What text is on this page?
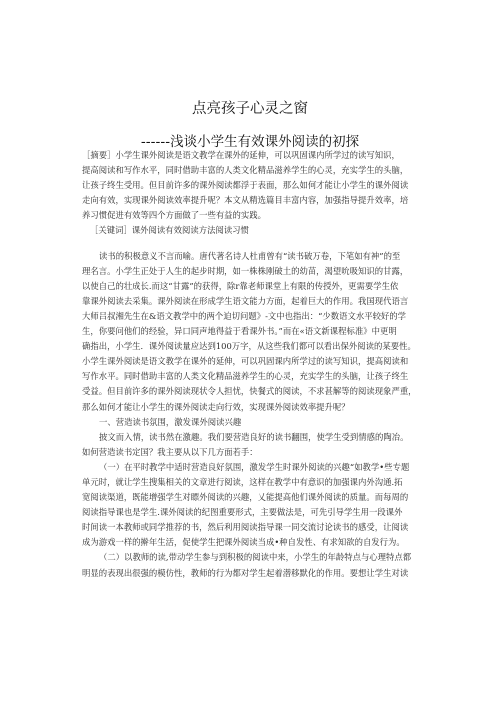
点亮孩子心灵之窗
------浅谈小学生有效课外阅读的初探
［摘要］小学生课外阅读是语文教学在课外的延伸，可以巩固课内所学过的读写知识，
提高阅读和写作水平，同时借助丰富的人类文化精品滋养学生的心灵，充实学生的头脑，
让孩子终生受用。但目前许多的课外阅读都浮于表面，那么如何才能让小学生的课外阅读
走向有效，实现课外阅读效率提升呢？本文从精选篇目丰富内容，加强指导提升效率，培
养习惯促进有效等四个方面做了一些有益的实践。
［关键词］课外阅读有效阅读方法阅读习惯
读书的积极意义不言而喻。唐代著名诗人杜甫曾有“读书破万卷，下笔如有神”的至
理名言。小学生正处于人生的起步时期，如一株株刚破土的幼苗，渴望吮吸知识的甘露，
以使自己的壮成长.而这“甘露”的获得，除r靠老师课堂上有限的传授外，更需要学生依
靠课外阅读去采集。课外阅读在形成学生语文能力方面，起着巨大的作用。我国现代语言
大师吕叔湘先生在&语文教学中的两个迫切问题》-文中也指出：“少数语文水平较好的学
生，你要问他们的经验，异口同声地得益于看课外书。”而在«语文新课程标准》中更明
确指出，小学生．课外阅读量应达到100万字，从这些我们都可以看出保外阅读的某要性。
小学生课外阅读是语文教学在课外的延伸，可以巩固课内所学过的读写知识，提高阅读和
写作水平。同时借助丰富的人类文化精品滋养学生的心灵，充实学生的头脑，让孩子终生
受益。但目前许多的课外阅读现状令人担忧，快餐式的阅读，不求甚解等的阅读现象严重，
那么如何才能让小学生的课外阅读走向行效，实现课外阅读效率提升呢？
一、营造读书氛围，激发课外阅读兴趣
披文而入情，读书然在激趣。我们要营造良好的读书翻围，使学生受到情感的陶冶。
如何营造读书定国？我主要从以下几方面若手：
（一）在平时教学中适时营造良好氛围，激发学生时课外阅读的兴趣“如教学•些专题
单元时，就让学生搜集相关的文章进行阅读，这样在教学中有意识的加强课内外沟通.拓
宽阅读渠道，既能增强学生对瞟外阅读的兴趣，乂能提高他们课外阅读的质量。而每周的
阅读指导课也是学生.课外阅读的纪图重要形式，主要做法是，可先引导学生用一段课外
时间读一本教师或同学推荐的书，然后利用阅读指导课一同交流讨论读书的感受，让阅读
成为游戏一样的擀年生活，促使学生把课外阅读当成•种自发性、有求知欲的自发行为。
（二）以教师的读,带动学生参与到积极的阅读中来，小学生的年龄特点与心理特点都
明显的表现出很强的模仿性，教师的行为都对学生起着潜移默化的作用。要想让学生对读
